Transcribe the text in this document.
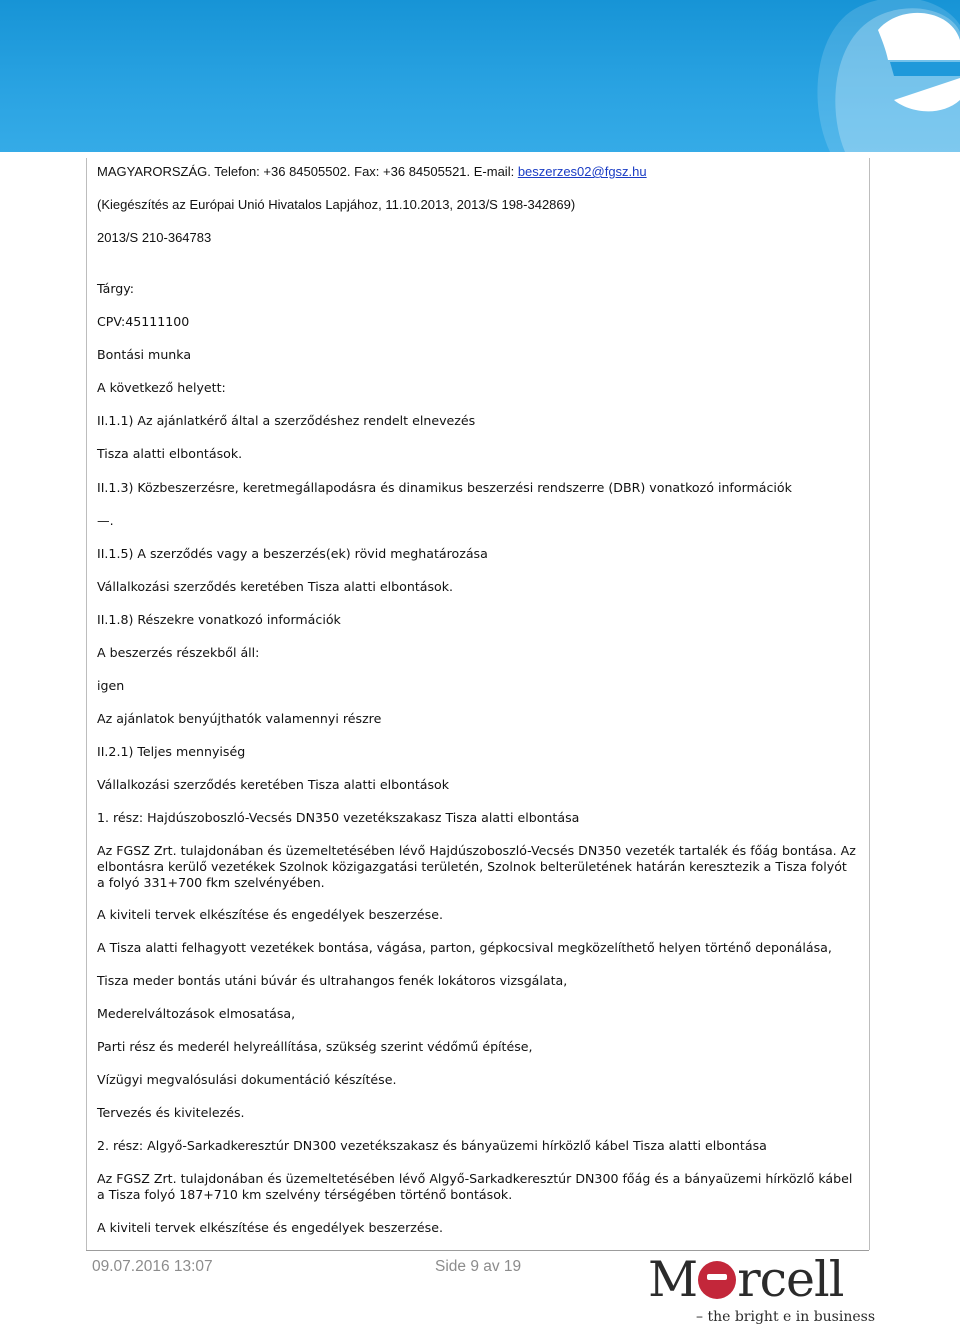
MAGYARORSZÁG. Telefon: +36 84505502. Fax: +36 84505521. E-mail: beszerzes02@fgsz.hu
(Kiegészítés az Európai Unió Hivatalos Lapjához, 11.10.2013, 2013/S 198-342869)
2013/S 210-364783
Tárgy:
CPV:45111100
Bontási munka
A következő helyett:
II.1.1) Az ajánlatkérő által a szerződéshez rendelt elnevezés
Tisza alatti elbontások.
II.1.3) Közbeszerzésre, keretmegállapodásra és dinamikus beszerzési rendszerre (DBR) vonatkozó információk
—.
II.1.5) A szerződés vagy a beszerzés(ek) rövid meghatározása
Vállalkozási szerződés keretében Tisza alatti elbontások.
II.1.8) Részekre vonatkozó információk
A beszerzés részekből áll:
igen
Az ajánlatok benyújthatók valamennyi részre
II.2.1) Teljes mennyiség
Vállalkozási szerződés keretében Tisza alatti elbontások
1. rész: Hajdúszoboszló-Vecsés DN350 vezetékszakasz Tisza alatti elbontása
Az FGSZ Zrt. tulajdonában és üzemeltetésében lévő Hajdúszoboszló-Vecsés DN350 vezeték tartalék és főág bontása. Az elbontásra kerülő vezetékek Szolnok közigazgatási területén, Szolnok belterületének határán keresztezik a Tisza folyót a folyó 331+700 fkm szelvényében.
A kiviteli tervek elkészítése és engedélyek beszerzése.
A Tisza alatti felhagyott vezetékek bontása, vágása, parton, gépkocsival megközelíthető helyen történő deponálása,
Tisza meder bontás utáni búvár és ultrahangos fenék lokátoros vizsgálata,
Mederelváltozások elmosatása,
Parti rész és mederél helyreállítása, szükség szerint védőmű építése,
Vízügyi megvalósulási dokumentáció készítése.
Tervezés és kivitelezés.
2. rész: Algyő-Sarkadkeresztúr DN300 vezetékszakasz és bányaüzemi hírközlő kábel Tisza alatti elbontása
Az FGSZ Zrt. tulajdonában és üzemeltetésében lévő Algyő-Sarkadkeresztúr DN300 főág és a bányaüzemi hírközlő kábel a Tisza folyó 187+710 km szelvény térségében történő bontások.
A kiviteli tervek elkészítése és engedélyek beszerzése.
09.07.2016 13:07	Side 9 av 19	M rcell
– the bright e in business
